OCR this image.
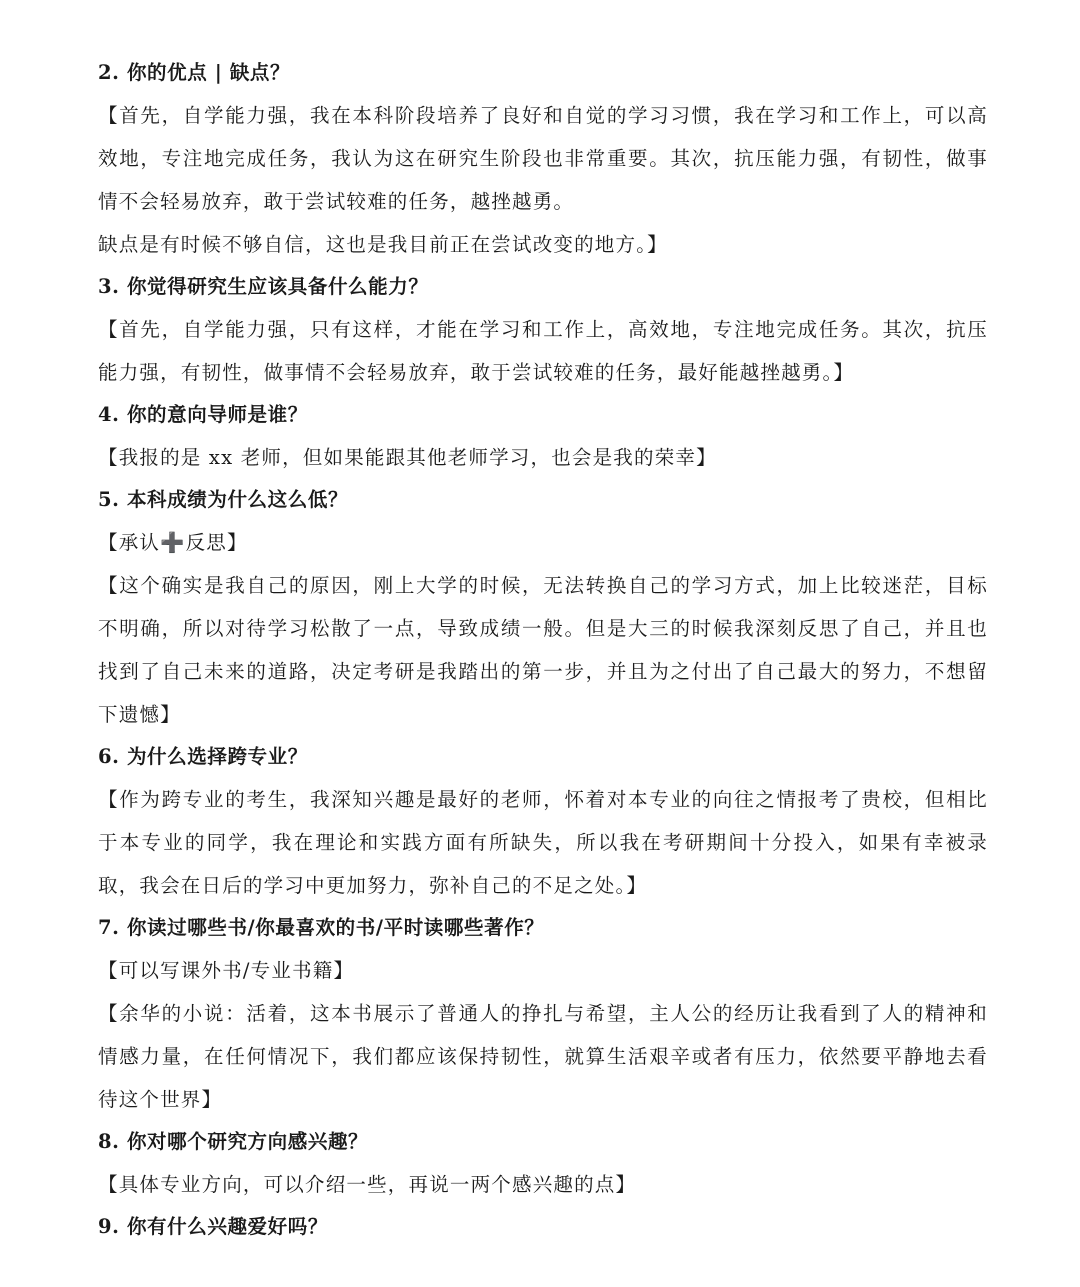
2. 你的优点 | 缺点？
【首先，自学能力强，我在本科阶段培养了良好和自觉的学习习惯，我在学习和工作上，可以高效地，专注地完成任务，我认为这在研究生阶段也非常重要。其次，抗压能力强，有韧性，做事情不会轻易放弃，敢于尝试较难的任务，越挫越勇。
缺点是有时候不够自信，这也是我目前正在尝试改变的地方。】
3. 你觉得研究生应该具备什么能力？
【首先，自学能力强，只有这样，才能在学习和工作上，高效地，专注地完成任务。其次，抗压能力强，有韧性，做事情不会轻易放弃，敢于尝试较难的任务，最好能越挫越勇。】
4. 你的意向导师是谁？
【我报的是 xx 老师，但如果能跟其他老师学习，也会是我的荣幸】
5. 本科成绩为什么这么低？
【承认➕反思】
【这个确实是我自己的原因，刚上大学的时候，无法转换自己的学习方式，加上比较迷茫，目标不明确，所以对待学习松散了一点，导致成绩一般。但是大三的时候我深刻反思了自己，并且也找到了自己未来的道路，决定考研是我踏出的第一步，并且为之付出了自己最大的努力，不想留下遗憾】
6. 为什么选择跨专业？
【作为跨专业的考生，我深知兴趣是最好的老师，怀着对本专业的向往之情报考了贵校，但相比于本专业的同学，我在理论和实践方面有所缺失，所以我在考研期间十分投入，如果有幸被录取，我会在日后的学习中更加努力，弥补自己的不足之处。】
7. 你读过哪些书/你最喜欢的书/平时读哪些著作？
【可以写课外书/专业书籍】
【余华的小说：活着，这本书展示了普通人的挣扎与希望，主人公的经历让我看到了人的精神和情感力量，在任何情况下，我们都应该保持韧性，就算生活艰辛或者有压力，依然要平静地去看待这个世界】
8. 你对哪个研究方向感兴趣？
【具体专业方向，可以介绍一些，再说一两个感兴趣的点】
9. 你有什么兴趣爱好吗？
